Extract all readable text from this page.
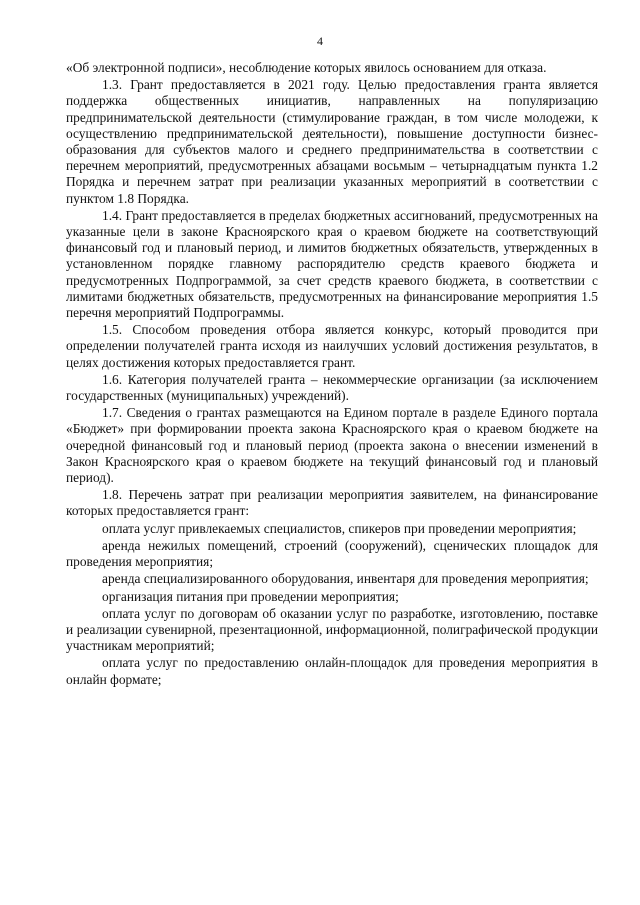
4

«Об электронной подписи», несоблюдение которых явилось основанием для отказа.

1.3. Грант предоставляется в 2021 году. Целью предоставления гранта является поддержка общественных инициатив, направленных на популяризацию предпринимательской деятельности (стимулирование граждан, в том числе молодежи, к осуществлению предпринимательской деятельности), повышение доступности бизнес-образования для субъектов малого и среднего предпринимательства в соответствии с перечнем мероприятий, предусмотренных абзацами восьмым – четырнадцатым пункта 1.2 Порядка и перечнем затрат при реализации указанных мероприятий в соответствии с пунктом 1.8 Порядка.

1.4. Грант предоставляется в пределах бюджетных ассигнований, предусмотренных на указанные цели в законе Красноярского края о краевом бюджете на соответствующий финансовый год и плановый период, и лимитов бюджетных обязательств, утвержденных в установленном порядке главному распорядителю средств краевого бюджета и предусмотренных Подпрограммой, за счет средств краевого бюджета, в соответствии с лимитами бюджетных обязательств, предусмотренных на финансирование мероприятия 1.5 перечня мероприятий Подпрограммы.

1.5. Способом проведения отбора является конкурс, который проводится при определении получателей гранта исходя из наилучших условий достижения результатов, в целях достижения которых предоставляется грант.

1.6. Категория получателей гранта – некоммерческие организации (за исключением государственных (муниципальных) учреждений).

1.7. Сведения о грантах размещаются на Едином портале в разделе Единого портала «Бюджет» при формировании проекта закона Красноярского края о краевом бюджете на очередной финансовый год и плановый период (проекта закона о внесении изменений в Закон Красноярского края о краевом бюджете на текущий финансовый год и плановый период).

1.8. Перечень затрат при реализации мероприятия заявителем, на финансирование которых предоставляется грант:

оплата услуг привлекаемых специалистов, спикеров при проведении мероприятия;

аренда нежилых помещений, строений (сооружений), сценических площадок для проведения мероприятия;

аренда специализированного оборудования, инвентаря для проведения мероприятия;

организация питания при проведении мероприятия;

оплата услуг по договорам об оказании услуг по разработке, изготовлению, поставке и реализации сувенирной, презентационной, информационной, полиграфической продукции участникам мероприятий;

оплата услуг по предоставлению онлайн-площадок для проведения мероприятия в онлайн формате;
